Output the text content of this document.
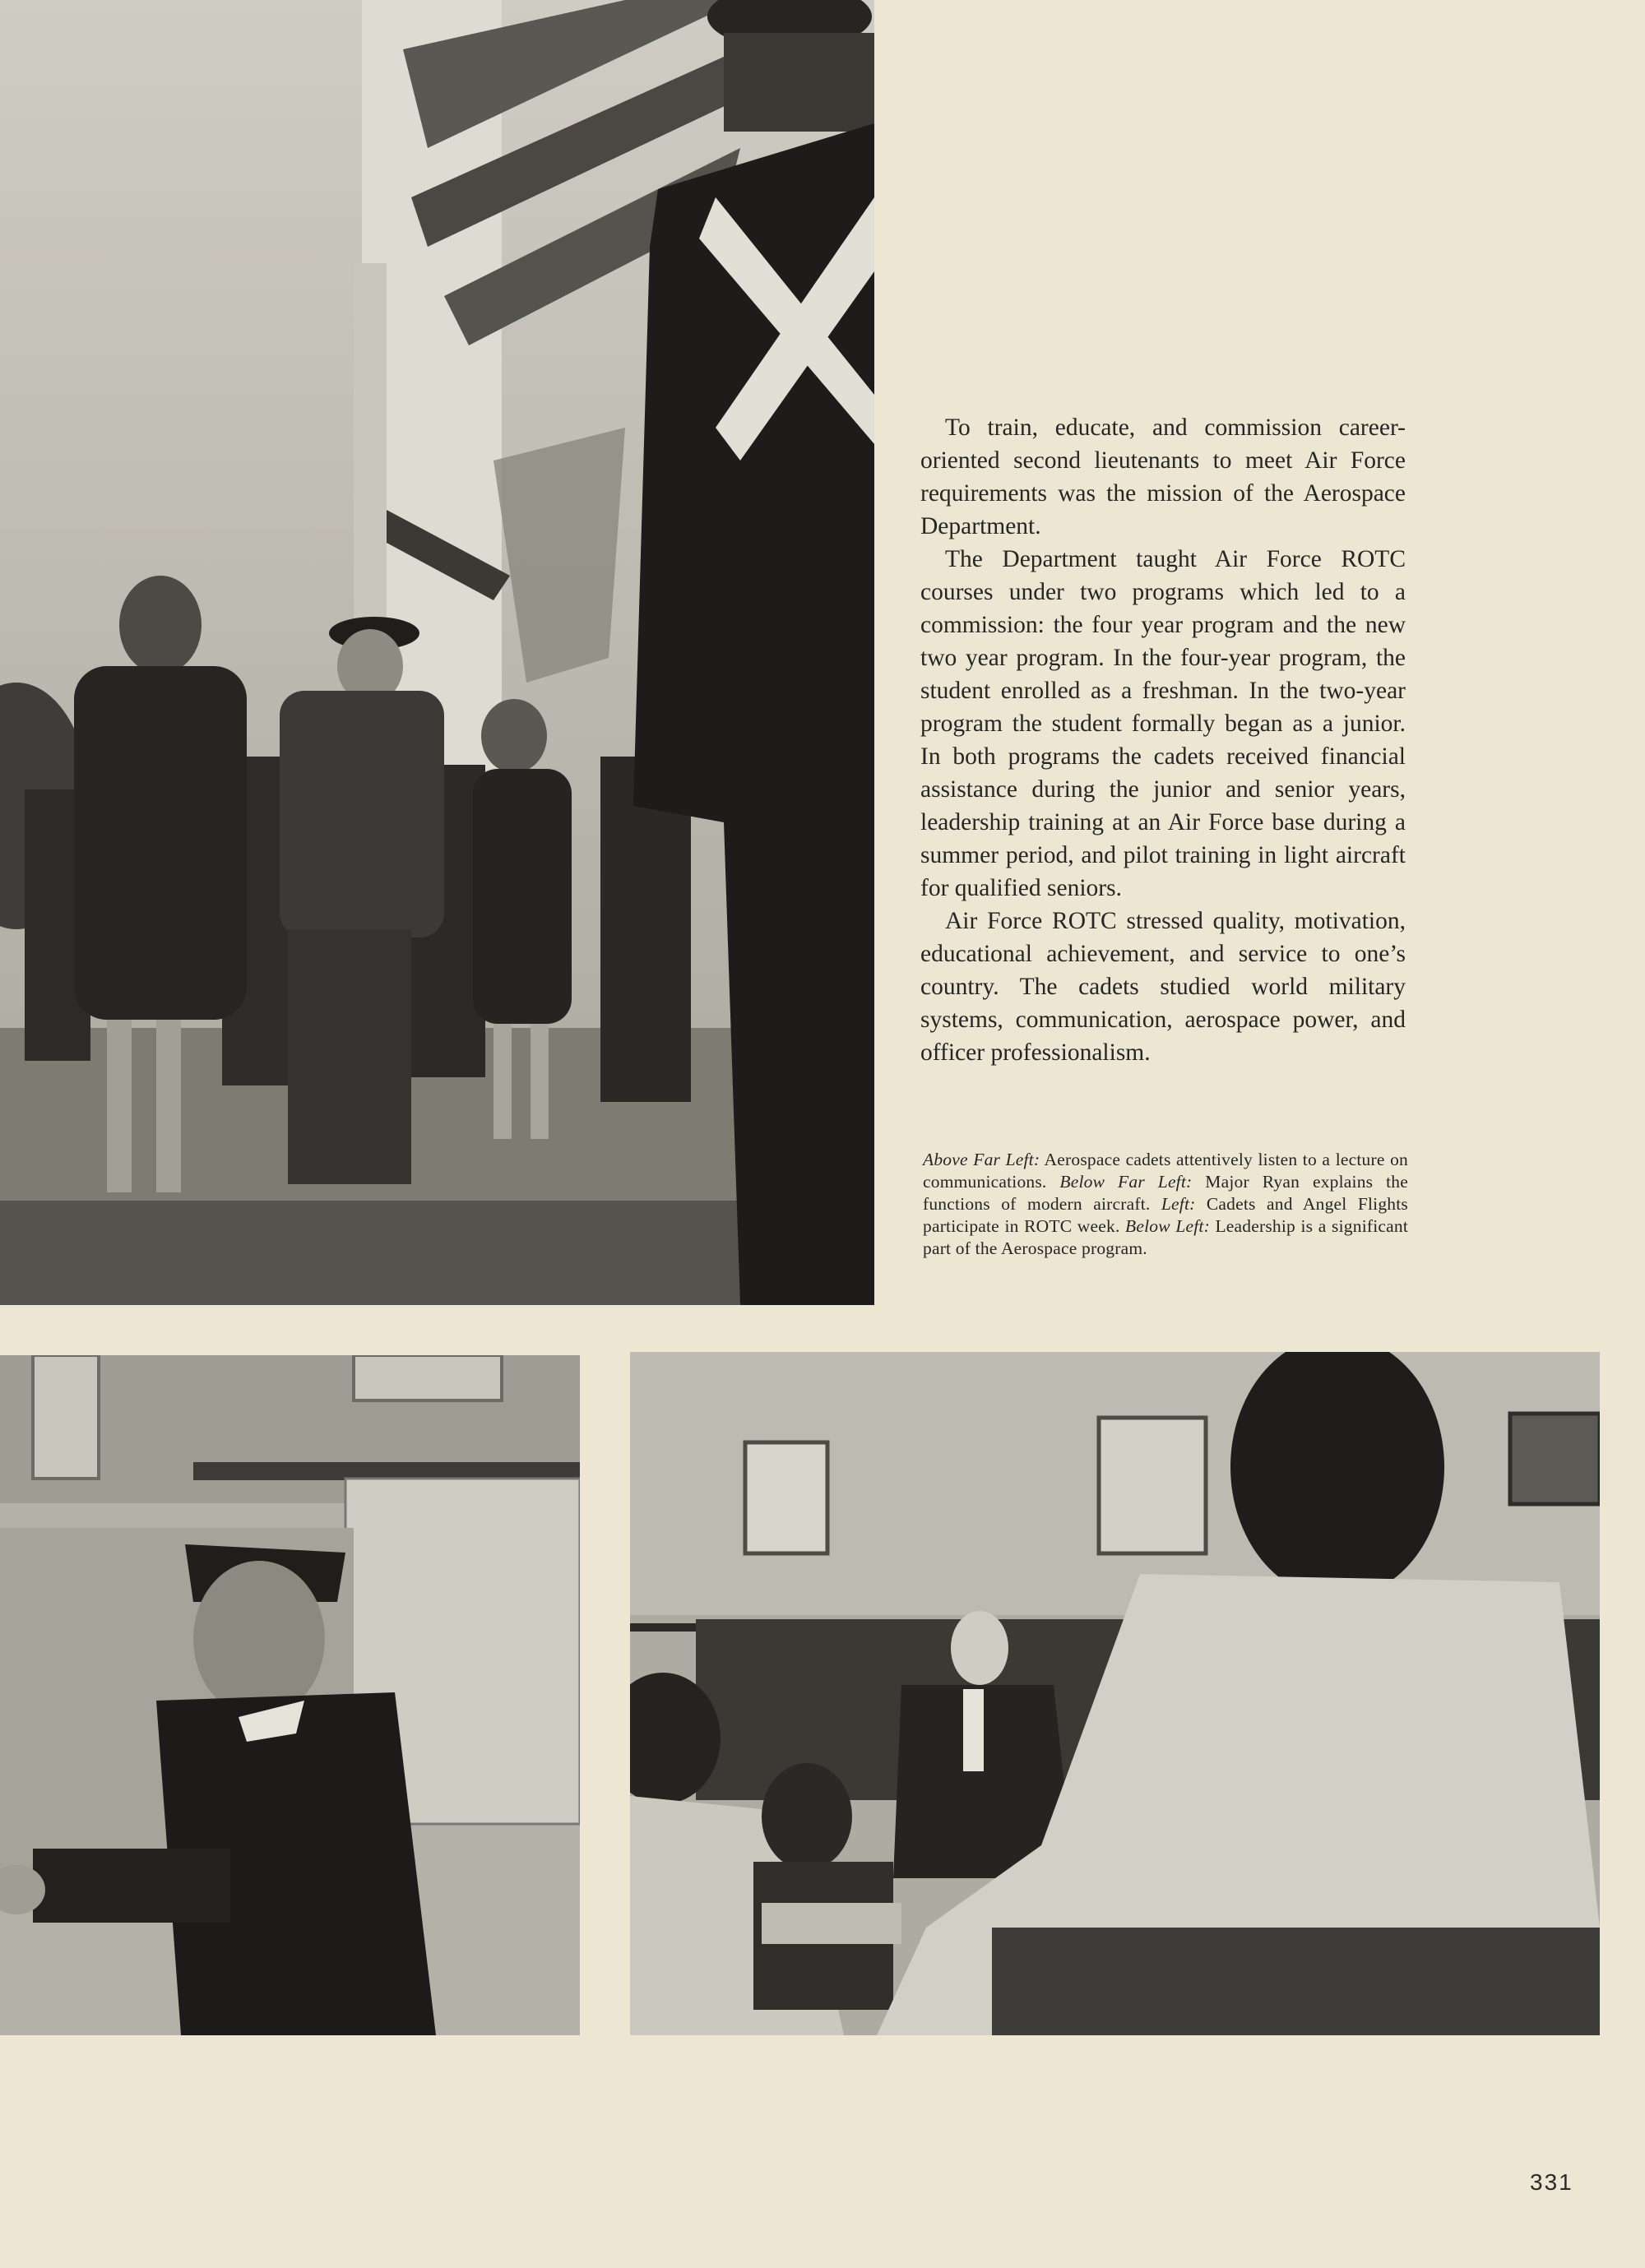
To train, educate, and commission career-oriented second lieutenants to meet Air Force requirements was the mission of the Aerospace Department.

The Department taught Air Force ROTC courses under two programs which led to a commission: the four year program and the new two year program. In the four-year program, the student enrolled as a freshman. In the two-year program the student formally began as a junior. In both programs the cadets received financial assistance during the junior and senior years, leadership training at an Air Force base during a summer period, and pilot training in light aircraft for qualified seniors.

Air Force ROTC stressed quality, motivation, educational achievement, and service to one’s country. The cadets studied world military systems, communication, aerospace power, and officer professionalism.

Above Far Left: Aerospace cadets attentively listen to a lecture on communications. Below Far Left: Major Ryan explains the functions of modern aircraft. Left: Cadets and Angel Flights participate in ROTC week. Below Left: Leadership is a significant part of the Aerospace program.
331
